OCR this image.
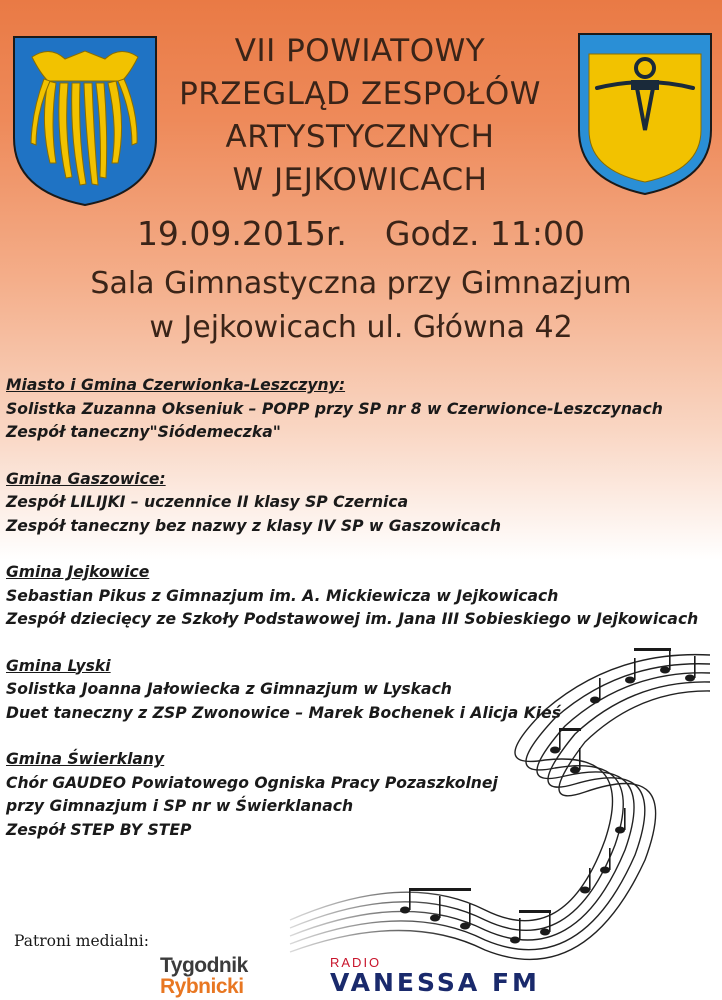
VII POWIATOWY
PRZEGLĄD ZESPOŁÓW
ARTYSTYCZNYCH
W JEJKOWICACH
19.09.2015r. Godz. 11:00
Sala Gimnastyczna przy Gimnazjum
w Jejkowicach ul. Główna 42
Miasto i Gmina Czerwionka-Leszczyny:
Solistka Zuzanna Okseniuk – POPP przy SP nr 8 w Czerwionce-Leszczynach
Zespół taneczny"Siódemeczka"
Gmina Gaszowice:
Zespół LILIJKI – uczennice II klasy SP Czernica
Zespół taneczny bez nazwy z klasy IV SP w Gaszowicach
Gmina Jejkowice
Sebastian Pikus z Gimnazjum im. A. Mickiewicza w Jejkowicach
Zespół dziecięcy ze Szkoły Podstawowej im. Jana III Sobieskiego w Jejkowicach
Gmina Lyski
Solistka Joanna Jałowiecka z Gimnazjum w Lyskach
Duet taneczny z ZSP Zwonowice – Marek Bochenek i Alicja Kieś
Gmina Świerklany
Chór GAUDEO Powiatowego Ogniska Pracy Pozaszkolnej
przy Gimnazjum i SP nr w Świerklanach
Zespół STEP BY STEP
Patroni medialni:
Tygodnik
Rybnicki
RADIO
VANESSA FM
